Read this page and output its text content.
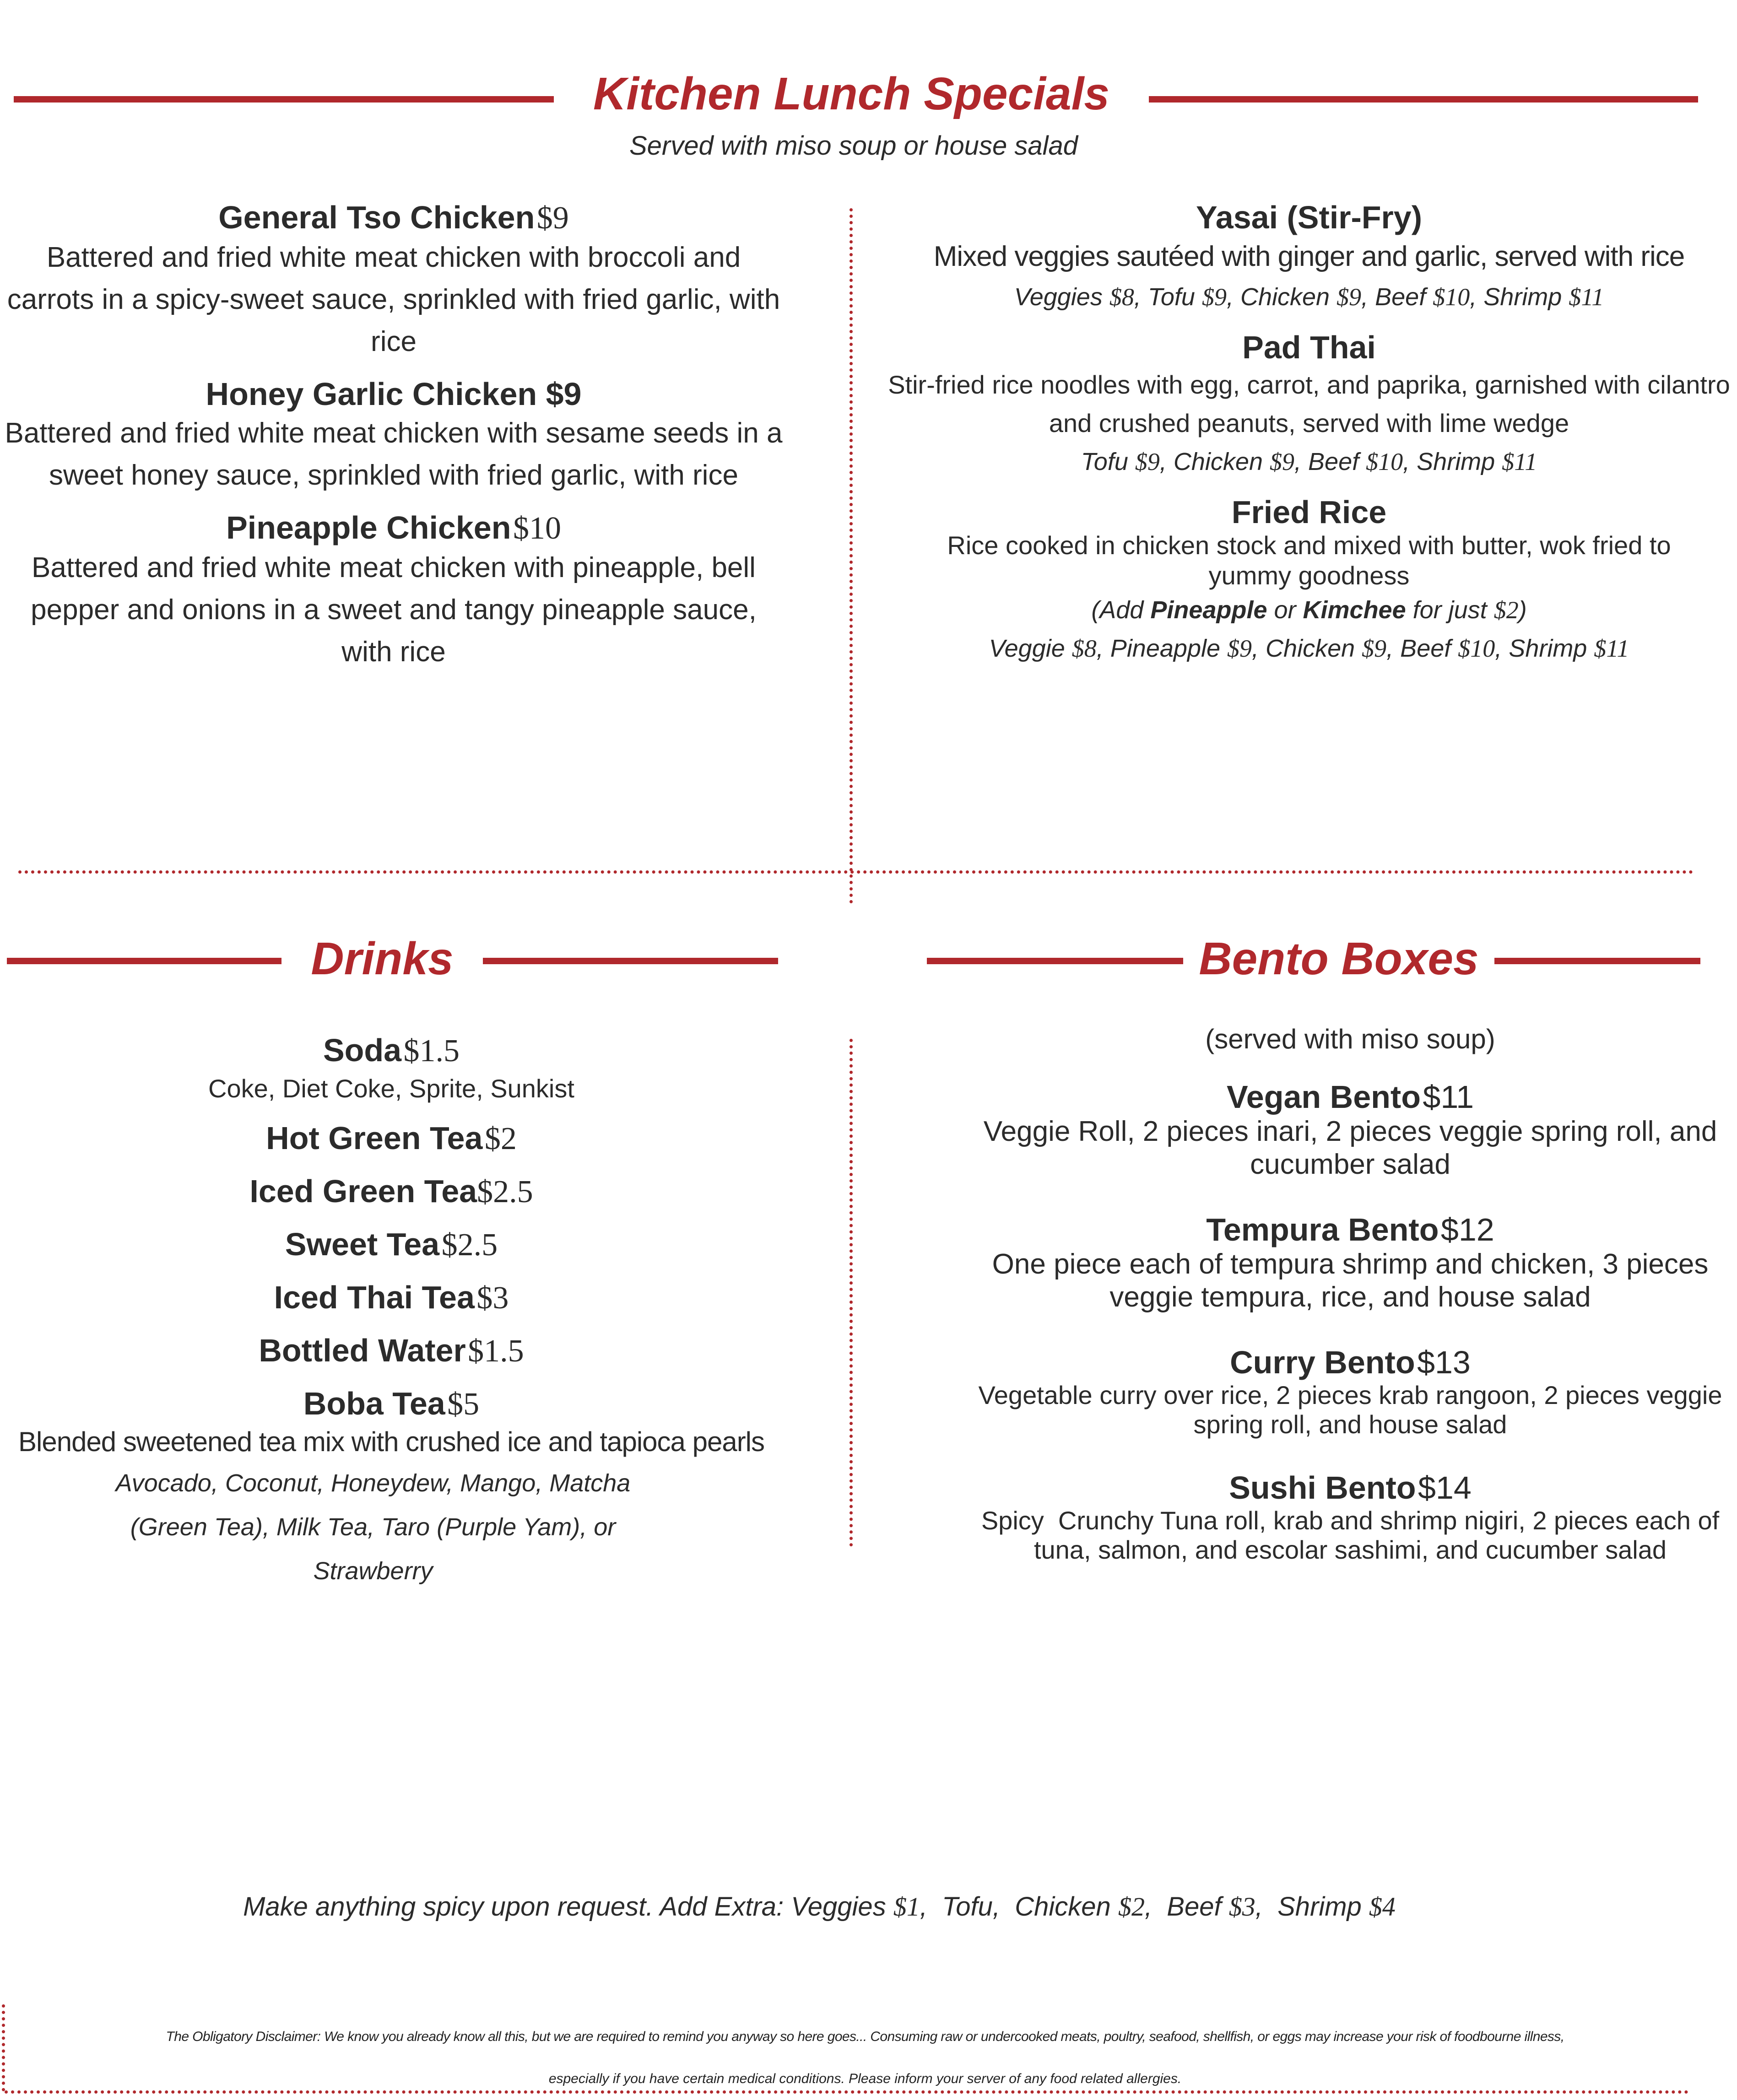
Kitchen Lunch Specials
Served with miso soup or house salad
General Tso Chicken $9
Battered and fried white meat chicken with broccoli and carrots in a spicy-sweet sauce, sprinkled with fried garlic, with rice
Honey Garlic Chicken $9
Battered and fried white meat chicken with sesame seeds in a sweet honey sauce, sprinkled with fried garlic, with rice
Pineapple Chicken $10
Battered and fried white meat chicken with pineapple, bell pepper and onions in a sweet and tangy pineapple sauce, with rice
Yasai (Stir-Fry)
Mixed veggies sautéed with ginger and garlic, served with rice
Veggies $8, Tofu $9, Chicken $9, Beef $10, Shrimp $11
Pad Thai
Stir-fried rice noodles with egg, carrot, and paprika, garnished with cilantro and crushed peanuts, served with lime wedge
Tofu $9, Chicken $9, Beef $10, Shrimp $11
Fried Rice
Rice cooked in chicken stock and mixed with butter, wok fried to yummy goodness
(Add Pineapple or Kimchee for just $2)
Veggie $8, Pineapple $9, Chicken $9, Beef $10, Shrimp $11
Drinks	Bento Boxes
Soda $1.5
Coke, Diet Coke, Sprite, Sunkist
Hot Green Tea $2
Iced Green Tea$2.5
Sweet Tea $2.5
Iced Thai Tea $3
Bottled Water $1.5
Boba Tea $5
Blended sweetened tea mix with crushed ice and tapioca pearls
Avocado, Coconut, Honeydew, Mango, Matcha (Green Tea), Milk Tea, Taro (Purple Yam), or Strawberry
(served with miso soup)
Vegan Bento $11
Veggie Roll, 2 pieces inari, 2 pieces veggie spring roll, and cucumber salad
Tempura Bento $12
One piece each of tempura shrimp and chicken, 3 pieces veggie tempura, rice, and house salad
Curry Bento $13
Vegetable curry over rice, 2 pieces krab rangoon, 2 pieces veggie spring roll, and house salad
Sushi Bento $14
Spicy  Crunchy Tuna roll, krab and shrimp nigiri, 2 pieces each of tuna, salmon, and escolar sashimi, and cucumber salad
Make anything spicy upon request. Add Extra: Veggies $1,  Tofu, Chicken $2,  Beef $3,  Shrimp $4
The Obligatory Disclaimer: We know you already know all this, but we are required to remind you anyway so here goes... Consuming raw or undercooked meats, poultry, seafood, shellfish, or eggs may increase your risk of foodbourne illness,
especially if you have certain medical conditions. Please inform your server of any food related allergies.
